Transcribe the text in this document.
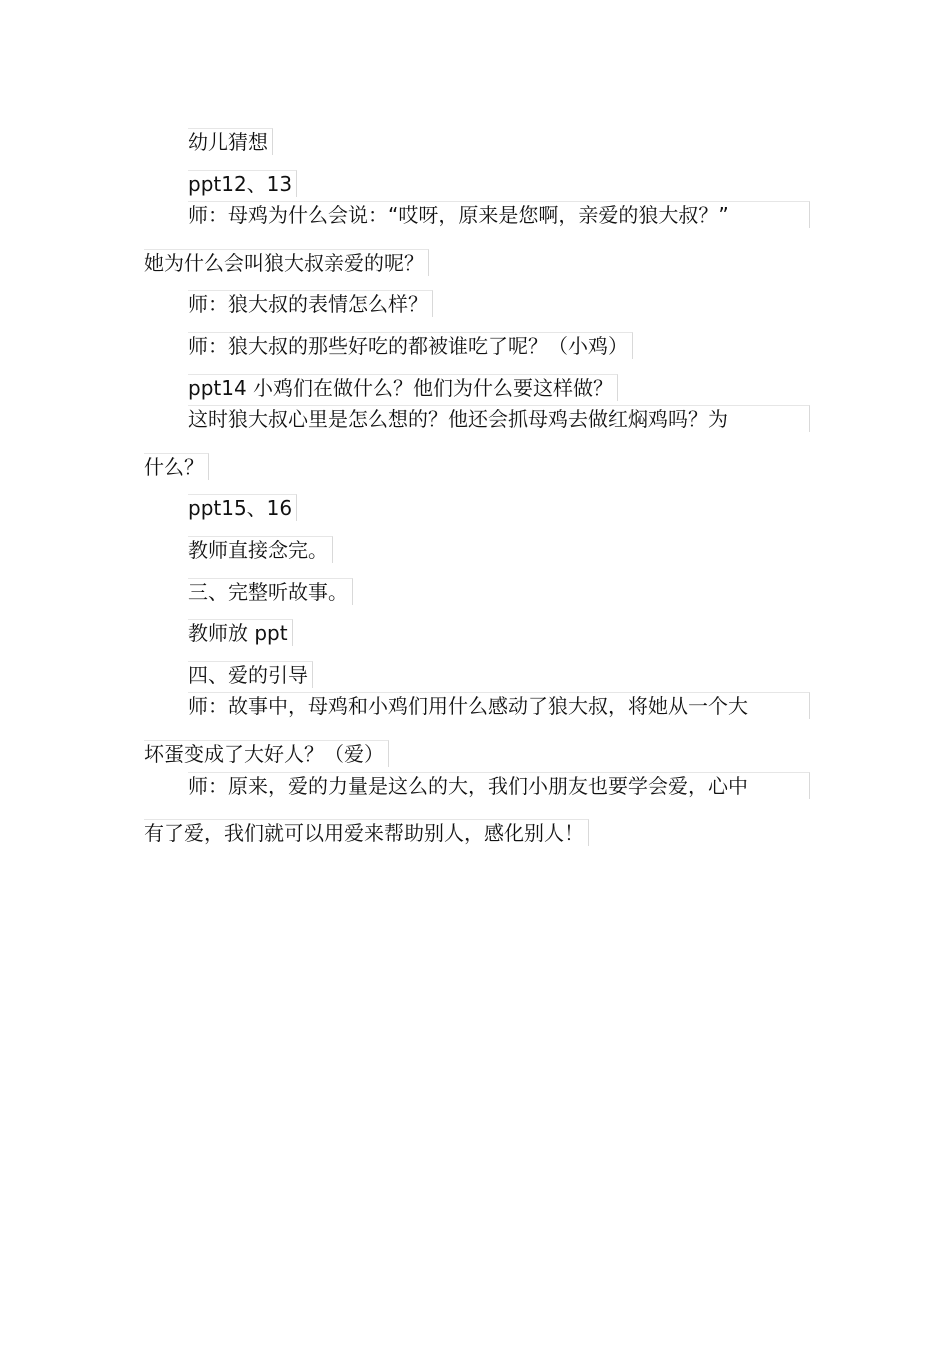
幼儿猜想
ppt12、13
师：母鸡为什么会说：“哎呀，原来是您啊，亲爱的狼大叔？”
她为什么会叫狼大叔亲爱的呢？
师：狼大叔的表情怎么样？
师：狼大叔的那些好吃的都被谁吃了呢？（小鸡）
ppt14 小鸡们在做什么？他们为什么要这样做？
这时狼大叔心里是怎么想的？他还会抓母鸡去做红焖鸡吗？为
什么？
ppt15、16
教师直接念完。
三、完整听故事。
教师放 ppt
四、爱的引导
师：故事中，母鸡和小鸡们用什么感动了狼大叔，将她从一个大
坏蛋变成了大好人？（爱）
师：原来，爱的力量是这么的大，我们小朋友也要学会爱，心中
有了爱，我们就可以用爱来帮助别人，感化别人！
